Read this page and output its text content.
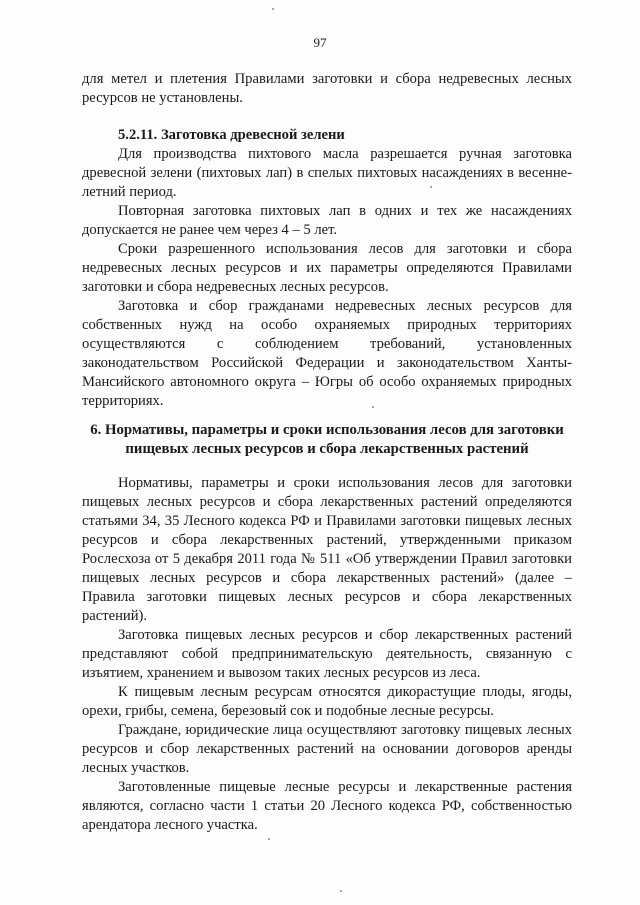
97

для метел и плетения Правилами заготовки и сбора недревесных лесных ресурсов не установлены.

5.2.11. Заготовка древесной зелени

Для производства пихтового масла разрешается ручная заготовка древесной зелени (пихтовых лап) в спелых пихтовых насаждениях в весенне-летний период.

Повторная заготовка пихтовых лап в одних и тех же насаждениях допускается не ранее чем через 4 – 5 лет.

Сроки разрешенного использования лесов для заготовки и сбора недревесных лесных ресурсов и их параметры определяются Правилами заготовки и сбора недревесных лесных ресурсов.

Заготовка и сбор гражданами недревесных лесных ресурсов для собственных нужд на особо охраняемых природных территориях осуществляются с соблюдением требований, установленных законодательством Российской Федерации и законодательством Ханты-Мансийского автономного округа – Югры об особо охраняемых природных территориях.

6. Нормативы, параметры и сроки использования лесов для заготовки пищевых лесных ресурсов и сбора лекарственных растений

Нормативы, параметры и сроки использования лесов для заготовки пищевых лесных ресурсов и сбора лекарственных растений определяются статьями 34, 35 Лесного кодекса РФ и Правилами заготовки пищевых лесных ресурсов и сбора лекарственных растений, утвержденными приказом Рослесхоза от 5 декабря 2011 года № 511 «Об утверждении Правил заготовки пищевых лесных ресурсов и сбора лекарственных растений» (далее – Правила заготовки пищевых лесных ресурсов и сбора лекарственных растений).

Заготовка пищевых лесных ресурсов и сбор лекарственных растений представляют собой предпринимательскую деятельность, связанную с изъятием, хранением и вывозом таких лесных ресурсов из леса.

К пищевым лесным ресурсам относятся дикорастущие плоды, ягоды, орехи, грибы, семена, березовый сок и подобные лесные ресурсы.

Граждане, юридические лица осуществляют заготовку пищевых лесных ресурсов и сбор лекарственных растений на основании договоров аренды лесных участков.

Заготовленные пищевые лесные ресурсы и лекарственные растения являются, согласно части 1 статьи 20 Лесного кодекса РФ, собственностью арендатора лесного участка.
